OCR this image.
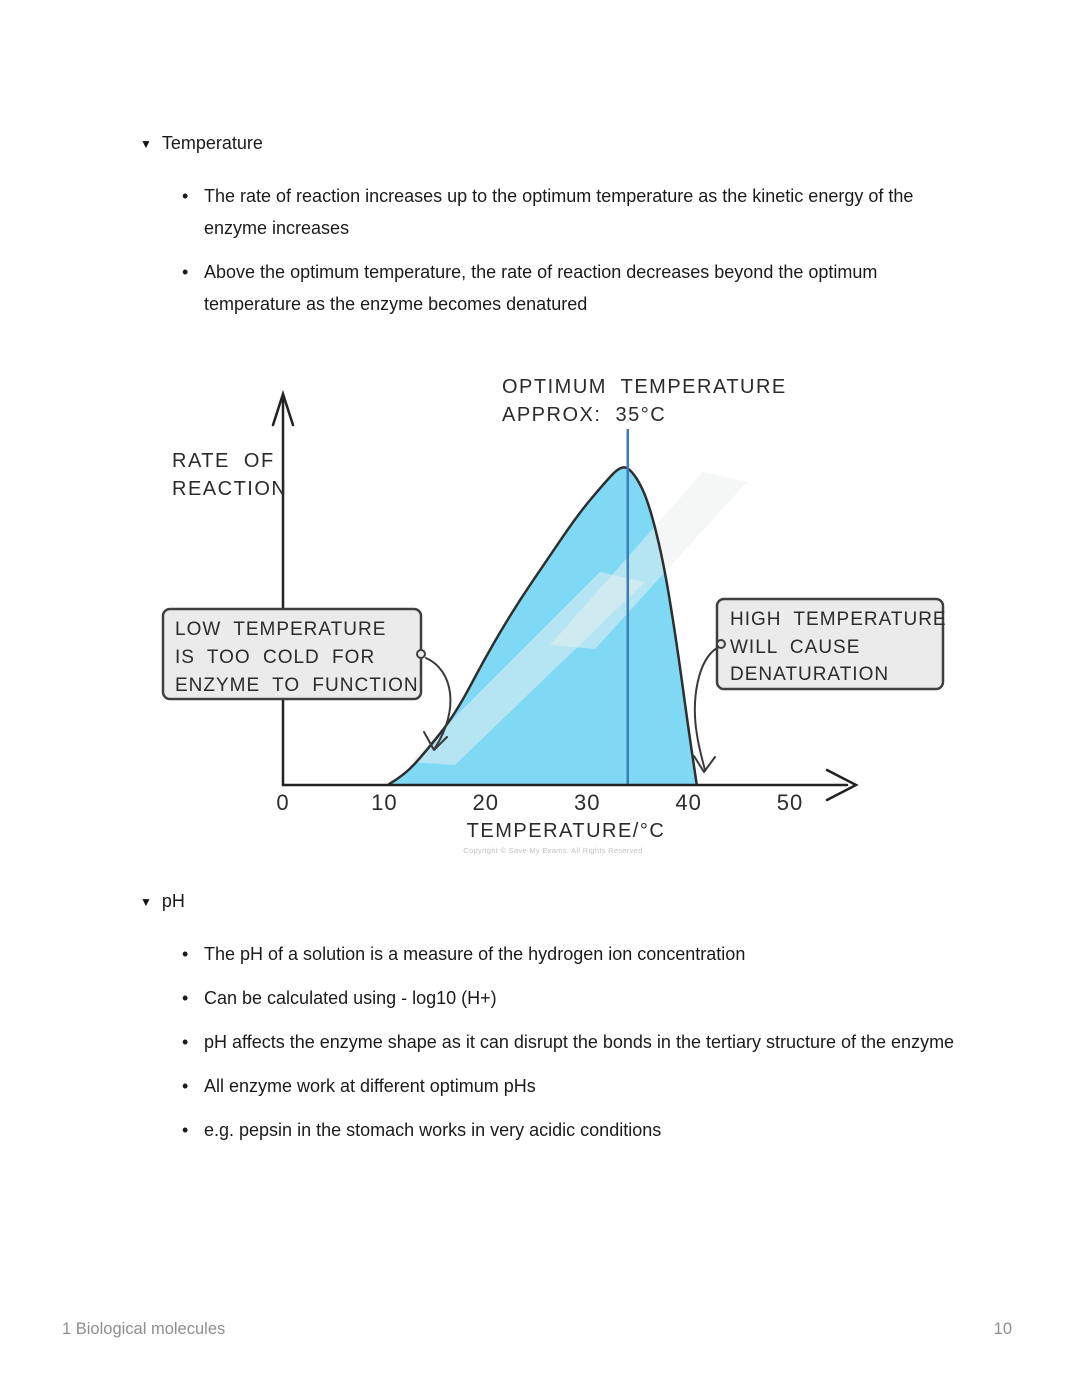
▼ Temperature
• The rate of reaction increases up to the optimum temperature as the kinetic energy of the enzyme increases
• Above the optimum temperature, the rate of reaction decreases beyond the optimum temperature as the enzyme becomes denatured
RATE OF
REACTION
OPTIMUM TEMPERATURE
APPROX: 35°C
0	10	20	30	40	50
TEMPERATURE/°C
Copyright © Save My Exams. All Rights Reserved
LOW TEMPERATURE
IS TOO COLD FOR
ENZYME TO FUNCTION
HIGH TEMPERATURE
WILL CAUSE
DENATURATION
▼ pH
• The pH of a solution is a measure of the hydrogen ion concentration
• Can be calculated using - log10 (H+)
• pH affects the enzyme shape as it can disrupt the bonds in the tertiary structure of the enzyme
• All enzyme work at different optimum pHs
• e.g. pepsin in the stomach works in very acidic conditions
1 Biological molecules	10
